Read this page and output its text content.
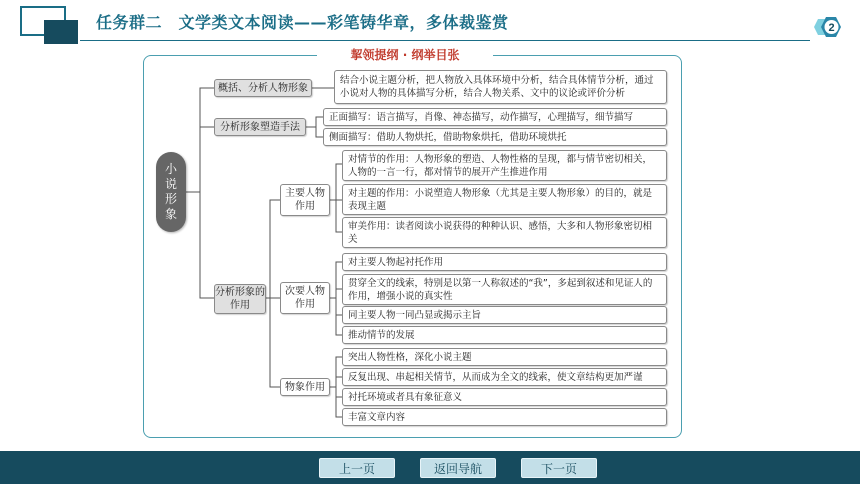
任务群二　文学类文本阅读——彩笔铸华章，多体裁鉴赏	2
挈领提纲 · 纲举目张
小说形象
概括、分析人物形象
结合小说主题分析，把人物放入具体环境中分析，结合具体情节分析，通过小说对人物的具体描写分析，结合人物关系、文中的议论或评价分析
分析形象塑造手法
正面描写：语言描写，肖像、神态描写，动作描写，心理描写，细节描写
侧面描写：借助人物烘托，借助物象烘托，借助环境烘托
分析形象的作用
主要人物作用
对情节的作用：人物形象的塑造、人物性格的呈现，都与情节密切相关，人物的一言一行，都对情节的展开产生推进作用
对主题的作用：小说塑造人物形象（尤其是主要人物形象）的目的，就是表现主题
审美作用：读者阅读小说获得的种种认识、感悟，大多和人物形象密切相关
次要人物作用
对主要人物起衬托作用
贯穿全文的线索，特别是以第一人称叙述的“我”，多起到叙述和见证人的作用，增强小说的真实性
同主要人物一同凸显或揭示主旨
推动情节的发展
物象作用
突出人物性格，深化小说主题
反复出现、串起相关情节，从而成为全文的线索，使文章结构更加严谨
衬托环境或者具有象征意义
丰富文章内容
上一页	返回导航	下一页
